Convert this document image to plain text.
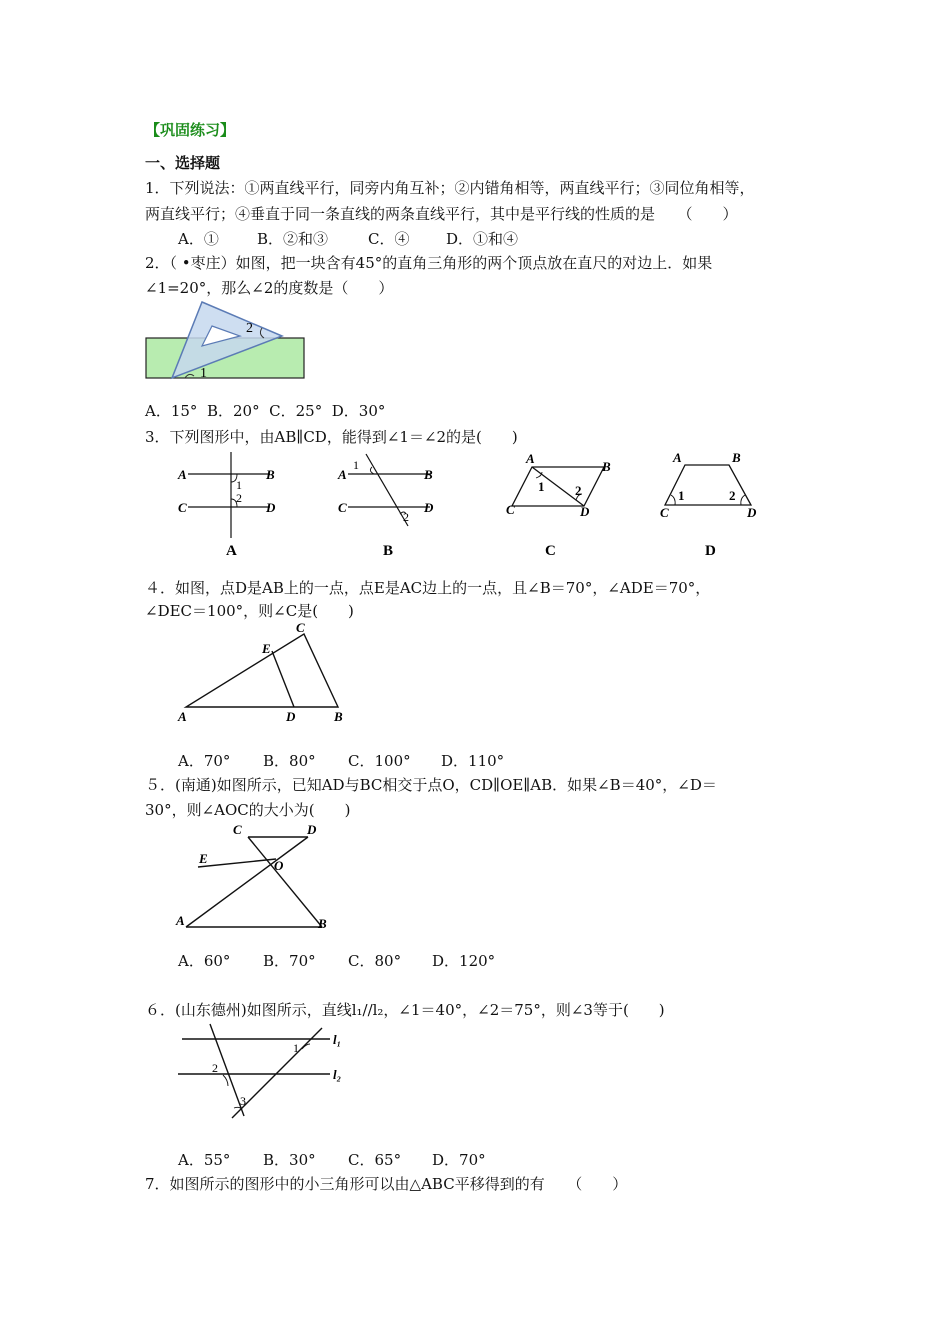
【巩固练习】
一、选择题
1．下列说法：①两直线平行，同旁内角互补；②内错角相等，两直线平行；③同位角相等，
两直线平行；④垂直于同一条直线的两条直线平行，其中是平行线的性质的是　　（　　）
A．①	B．②和③	C．④ D．①和④
2．（ •枣庄）如图，把一块含有45°的直角三角形的两个顶点放在直尺的对边上．如果
∠1=20°，那么∠2的度数是（　　）
1
2
A．15° B．20° C．25° D．30°
3．下列图形中，由AB∥CD，能得到∠1＝∠2的是(　　)
A	B
C	D
1
2
A
A	B
C	D
1
2
B
A
B
C	D
1 2
C
A	B
C	D
1	2
D
４．如图，点D是AB上的一点，点E是AC边上的一点，且∠B＝70°，∠ADE＝70°，
∠DEC＝100°，则∠C是(　　)
A	B
C
D
E
A．70° B．80° C．100° D．110°
５．(南通)如图所示，已知AD与BC相交于点O，CD∥OE∥AB．如果∠B＝40°，∠D＝
30°，则∠AOC的大小为(　　)
A	B
C	D
E	O
A．60° B．70° C．80° D．120°
６．(山东德州)如图所示，直线l₁//l₂，∠1＝40°，∠2＝75°，则∠3等于(　　)
1
2
3
l₁
l₂
A．55° B．30° C．65° D．70°
7．如图所示的图形中的小三角形可以由△ABC平移得到的有　　（　　）
